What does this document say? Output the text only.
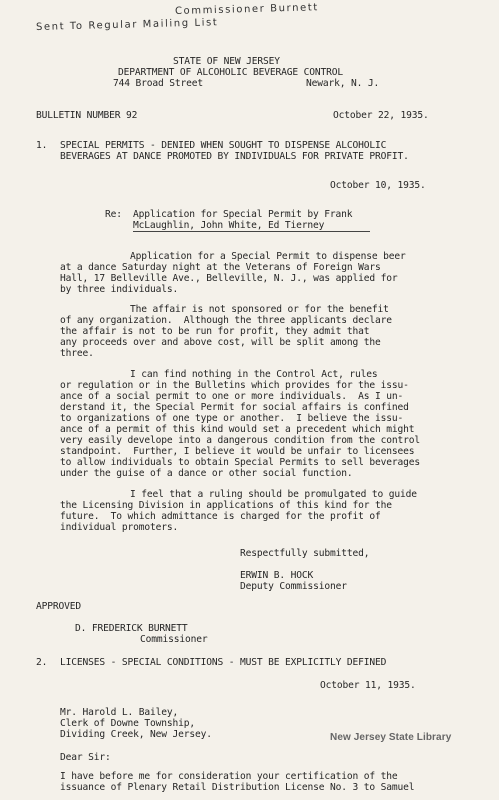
Commissioner Burnett
Sent To Regular Mailing List
STATE OF NEW JERSEY
DEPARTMENT OF ALCOHOLIC BEVERAGE CONTROL
744 Broad Street	Newark, N. J.
BULLETIN NUMBER 92	October 22, 1935.
1. SPECIAL PERMITS - DENIED WHEN SOUGHT TO DISPENSE ALCOHOLIC
BEVERAGES AT DANCE PROMOTED BY INDIVIDUALS FOR PRIVATE PROFIT.
October 10, 1935.
Re: Application for Special Permit by Frank
McLaughlin, John White, Ed Tierney
Application for a Special Permit to dispense beer
at a dance Saturday night at the Veterans of Foreign Wars
Hall, 17 Belleville Ave., Belleville, N. J., was applied for
by three individuals.
The affair is not sponsored or for the benefit
of any organization.  Although the three applicants declare
the affair is not to be run for profit, they admit that
any proceeds over and above cost, will be split among the
three.
I can find nothing in the Control Act, rules
or regulation or in the Bulletins which provides for the issu-
ance of a social permit to one or more individuals.  As I un-
derstand it, the Special Permit for social affairs is confined
to organizations of one type or another.  I believe the issu-
ance of a permit of this kind would set a precedent which might
very easily develope into a dangerous condition from the control
standpoint.  Further, I believe it would be unfair to licensees
to allow individuals to obtain Special Permits to sell beverages
under the guise of a dance or other social function.
I feel that a ruling should be promulgated to guide
the Licensing Division in applications of this kind for the
future.  To which admittance is charged for the profit of
individual promoters.
Respectfully submitted,
ERWIN B. HOCK
Deputy Commissioner
APPROVED
D. FREDERICK BURNETT
Commissioner
2. LICENSES - SPECIAL CONDITIONS - MUST BE EXPLICITLY DEFINED
October 11, 1935.
Mr. Harold L. Bailey,
Clerk of Downe Township,
Dividing Creek, New Jersey.	New Jersey State Library
Dear Sir:
I have before me for consideration your certification of the
issuance of Plenary Retail Distribution License No. 3 to Samuel
